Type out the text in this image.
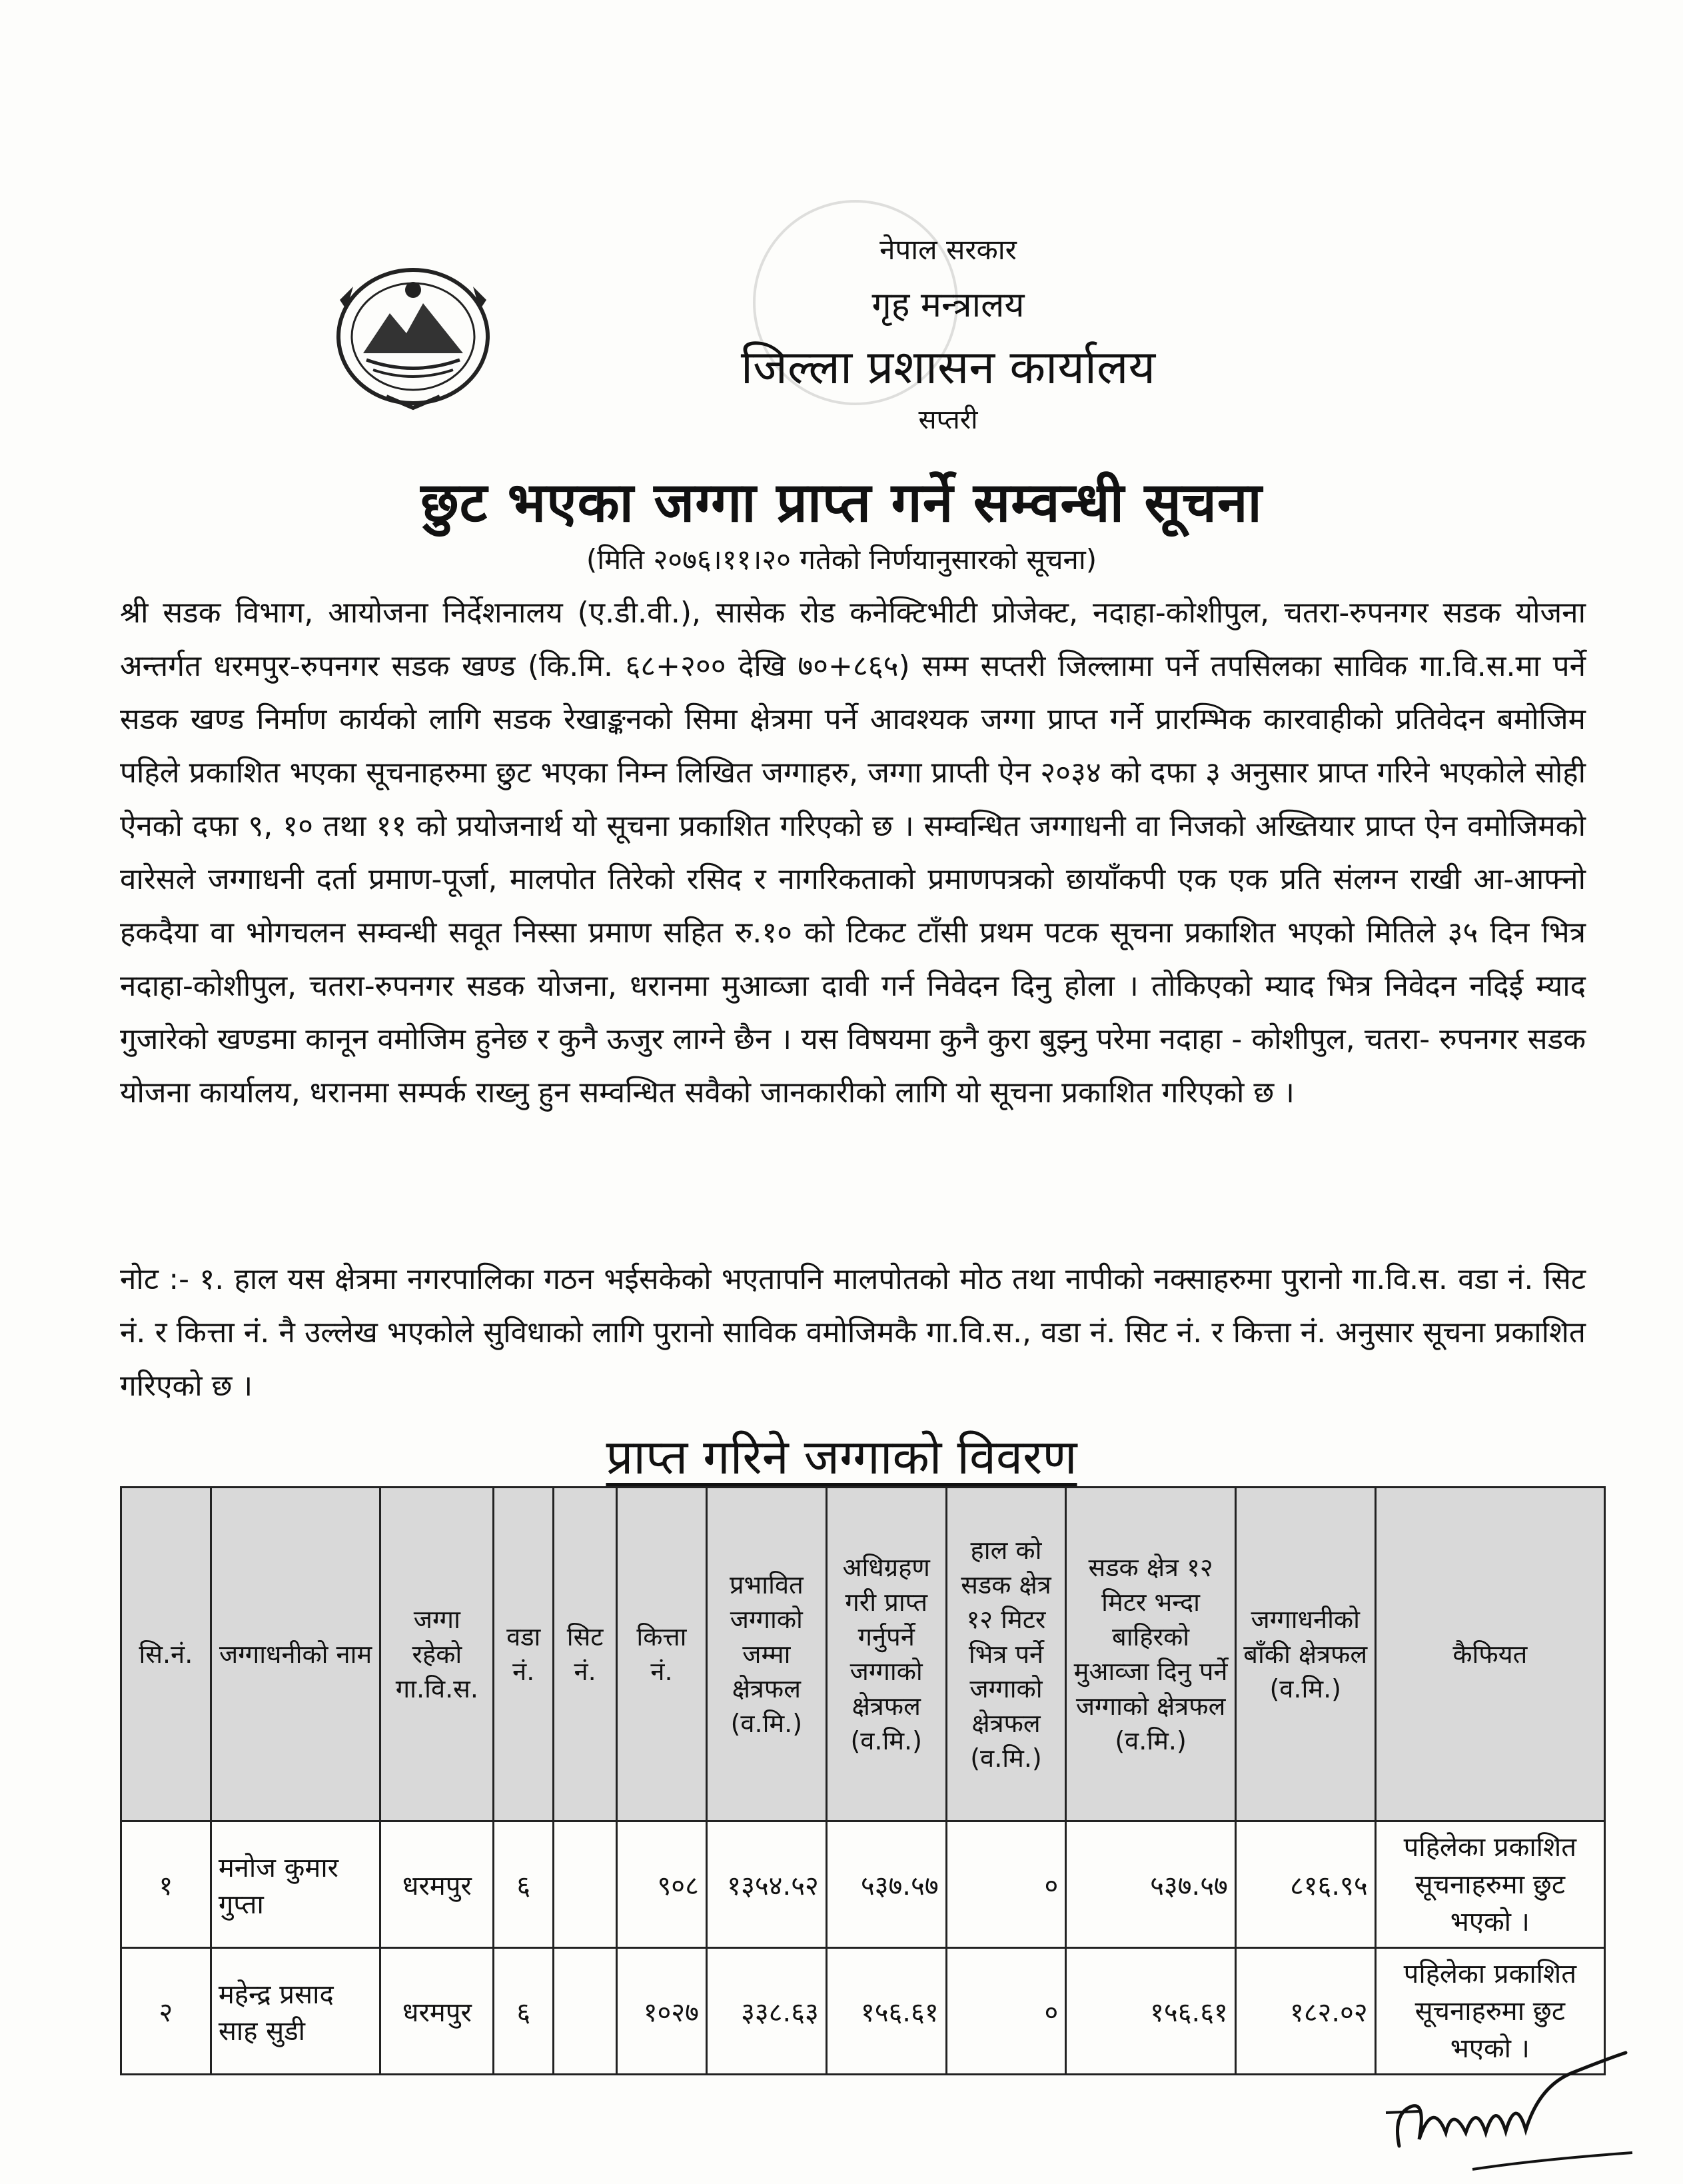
नेपाल सरकार
गृह मन्त्रालय
जिल्ला प्रशासन कार्यालय
सप्तरी
छुट भएका जग्गा प्राप्त गर्ने सम्वन्धी सूचना
(मिति २०७६।११।२० गतेको निर्णयानुसारको सूचना)
श्री सडक विभाग, आयोजना निर्देशनालय (ए.डी.वी.), सासेक रोड कनेक्टिभीटी प्रोजेक्ट, नदाहा-कोशीपुल, चतरा-रुपनगर सडक योजना अन्तर्गत धरमपुर-रुपनगर सडक खण्ड (कि.मि. ६८+२०० देखि ७०+८६५) सम्म सप्तरी जिल्लामा पर्ने तपसिलका साविक गा.वि.स.मा पर्ने सडक खण्ड निर्माण कार्यको लागि सडक रेखाङ्कनको सिमा क्षेत्रमा पर्ने आवश्यक जग्गा प्राप्त गर्ने प्रारम्भिक कारवाहीको प्रतिवेदन बमोजिम पहिले प्रकाशित भएका सूचनाहरुमा छुट भएका निम्न लिखित जग्गाहरु, जग्गा प्राप्ती ऐन २०३४ को दफा ३ अनुसार प्राप्त गरिने भएकोले सोही ऐनको दफा ९, १० तथा ११ को प्रयोजनार्थ यो सूचना प्रकाशित गरिएको छ । सम्वन्धित जग्गाधनी वा निजको अख्तियार प्राप्त ऐन वमोजिमको वारेसले जग्गाधनी दर्ता प्रमाण-पूर्जा, मालपोत तिरेको रसिद र नागरिकताको प्रमाणपत्रको छायाँकपी एक एक प्रति संलग्न राखी आ-आफ्नो हकदैया वा भोगचलन सम्वन्धी सवूत निस्सा प्रमाण सहित रु.१० को टिकट टाँसी प्रथम पटक सूचना प्रकाशित भएको मितिले ३५ दिन भित्र नदाहा-कोशीपुल, चतरा-रुपनगर सडक योजना, धरानमा मुआव्जा दावी गर्न निवेदन दिनु होला । तोकिएको म्याद भित्र निवेदन नदिई म्याद गुजारेको खण्डमा कानून वमोजिम हुनेछ र कुनै ऊजुर लाग्ने छैन । यस विषयमा कुनै कुरा बुझ्नु परेमा नदाहा - कोशीपुल, चतरा- रुपनगर सडक योजना कार्यालय, धरानमा सम्पर्क राख्नु हुन सम्वन्धित सवैको जानकारीको लागि यो सूचना प्रकाशित गरिएको छ ।
नोट :- १. हाल यस क्षेत्रमा नगरपालिका गठन भईसकेको भएतापनि मालपोतको मोठ तथा नापीको नक्साहरुमा पुरानो गा.वि.स. वडा नं. सिट नं. र कित्ता नं. नै उल्लेख भएकोले सुविधाको लागि पुरानो साविक वमोजिमकै गा.वि.स., वडा नं. सिट नं. र कित्ता नं. अनुसार सूचना प्रकाशित गरिएको छ ।
प्राप्त गरिने जग्गाको विवरण
सि.नं.	जग्गाधनीको नाम	जग्गा रहेको गा.वि.स.	वडा नं.	सिट नं.	कित्ता नं.	प्रभावित जग्गाको जम्मा क्षेत्रफल (व.मि.)	अधिग्रहण गरी प्राप्त गर्नुपर्ने जग्गाको क्षेत्रफल (व.मि.)	हाल को सडक क्षेत्र १२ मिटर भित्र पर्ने जग्गाको क्षेत्रफल (व.मि.)	सडक क्षेत्र १२ मिटर भन्दा बाहिरको मुआव्जा दिनु पर्ने जग्गाको क्षेत्रफल (व.मि.)	जग्गाधनीको बाँकी क्षेत्रफल (व.मि.)	कैफियत
१	मनोज कुमार गुप्ता	धरमपुर	६		९०८	१३५४.५२	५३७.५७	०	५३७.५७	८१६.९५	पहिलेका प्रकाशित सूचनाहरुमा छुट भएको ।
२	महेन्द्र प्रसाद साह सुडी	धरमपुर	६		१०२७	३३८.६३	१५६.६१	०	१५६.६१	१८२.०२	पहिलेका प्रकाशित सूचनाहरुमा छुट भएको ।
